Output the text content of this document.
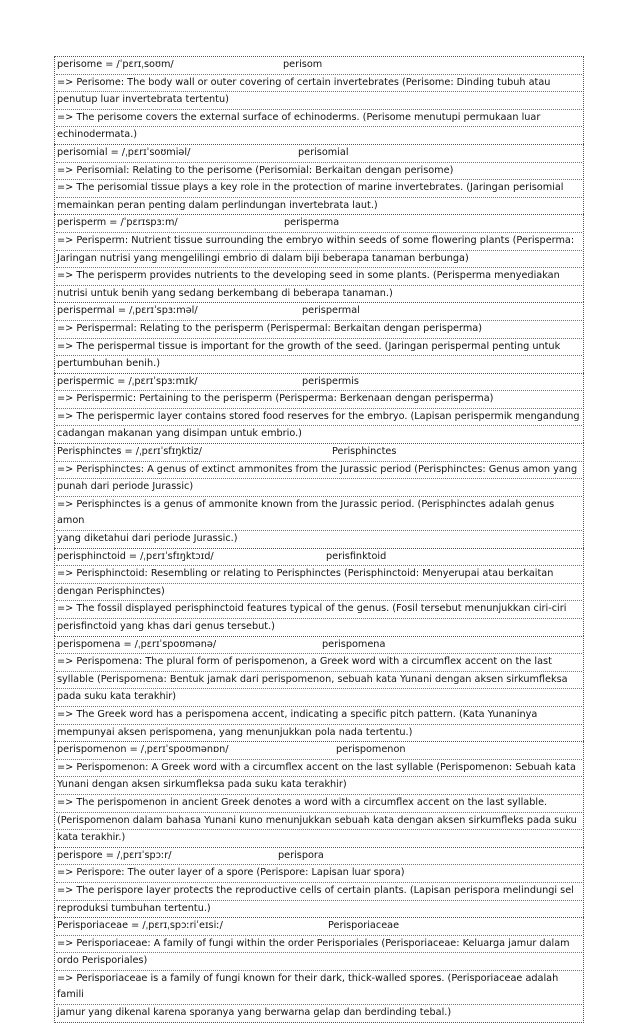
perisome = /ˈpɛrɪˌsoʊm/	perisom
=> Perisome: The body wall or outer covering of certain invertebrates (Perisome: Dinding tubuh atau
penutup luar invertebrata tertentu)
=> The perisome covers the external surface of echinoderms. (Perisome menutupi permukaan luar
echinodermata.)
perisomial = /ˌpɛrɪˈsoʊmiəl/	perisomial
=> Perisomial: Relating to the perisome (Perisomial: Berkaitan dengan perisome)
=> The perisomial tissue plays a key role in the protection of marine invertebrates. (Jaringan perisomial
memainkan peran penting dalam perlindungan invertebrata laut.)
perisperm = /ˈpɛrɪspɜːm/	perisperma
=> Perisperm: Nutrient tissue surrounding the embryo within seeds of some flowering plants (Perisperma:
Jaringan nutrisi yang mengelilingi embrio di dalam biji beberapa tanaman berbunga)
=> The perisperm provides nutrients to the developing seed in some plants. (Perisperma menyediakan
nutrisi untuk benih yang sedang berkembang di beberapa tanaman.)
perispermal = /ˌpɛrɪˈspɜːməl/	perispermal
=> Perispermal: Relating to the perisperm (Perispermal: Berkaitan dengan perisperma)
=> The perispermal tissue is important for the growth of the seed. (Jaringan perispermal penting untuk
pertumbuhan benih.)
perispermic = /ˌpɛrɪˈspɜːmɪk/	perispermis
=> Perispermic: Pertaining to the perisperm (Perisperma: Berkenaan dengan perisperma)
=> The perispermic layer contains stored food reserves for the embryo. (Lapisan perispermik mengandung
cadangan makanan yang disimpan untuk embrio.)
Perisphinctes = /ˌpɛrɪˈsfɪŋktiz/	Perisphinctes
=> Perisphinctes: A genus of extinct ammonites from the Jurassic period (Perisphinctes: Genus amon yang
punah dari periode Jurassic)
=> Perisphinctes is a genus of ammonite known from the Jurassic period. (Perisphinctes adalah genus amon
yang diketahui dari periode Jurassic.)
perisphinctoid = /ˌpɛrɪˈsfɪŋktɔɪd/	perisfinktoid
=> Perisphinctoid: Resembling or relating to Perisphinctes (Perisphinctoid: Menyerupai atau berkaitan
dengan Perisphinctes)
=> The fossil displayed perisphinctoid features typical of the genus. (Fosil tersebut menunjukkan ciri-ciri
perisfinctoid yang khas dari genus tersebut.)
perispomena = /ˌpɛrɪˈspoʊmənə/	perispomena
=> Perispomena: The plural form of perispomenon, a Greek word with a circumflex accent on the last
syllable (Perispomena: Bentuk jamak dari perispomenon, sebuah kata Yunani dengan aksen sirkumfleksa
pada suku kata terakhir)
=> The Greek word has a perispomena accent, indicating a specific pitch pattern. (Kata Yunaninya
mempunyai aksen perispomena, yang menunjukkan pola nada tertentu.)
perispomenon = /ˌpɛrɪˈspoʊmənɒn/	perispomenon
=> Perispomenon: A Greek word with a circumflex accent on the last syllable (Perispomenon: Sebuah kata
Yunani dengan aksen sirkumfleksa pada suku kata terakhir)
=> The perispomenon in ancient Greek denotes a word with a circumflex accent on the last syllable.
(Perispomenon dalam bahasa Yunani kuno menunjukkan sebuah kata dengan aksen sirkumfleks pada suku
kata terakhir.)
perispore = /ˌpɛrɪˈspɔːr/	perispora
=> Perispore: The outer layer of a spore (Perispore: Lapisan luar spora)
=> The perispore layer protects the reproductive cells of certain plants. (Lapisan perispora melindungi sel
reproduksi tumbuhan tertentu.)
Perisporiaceae = /ˌpɛrɪˌspɔːriˈeɪsiː/	Perisporiaceae
=> Perisporiaceae: A family of fungi within the order Perisporiales (Perisporiaceae: Keluarga jamur dalam
ordo Perisporiales)
=> Perisporiaceae is a family of fungi known for their dark, thick-walled spores. (Perisporiaceae adalah famili
jamur yang dikenal karena sporanya yang berwarna gelap dan berdinding tebal.)
